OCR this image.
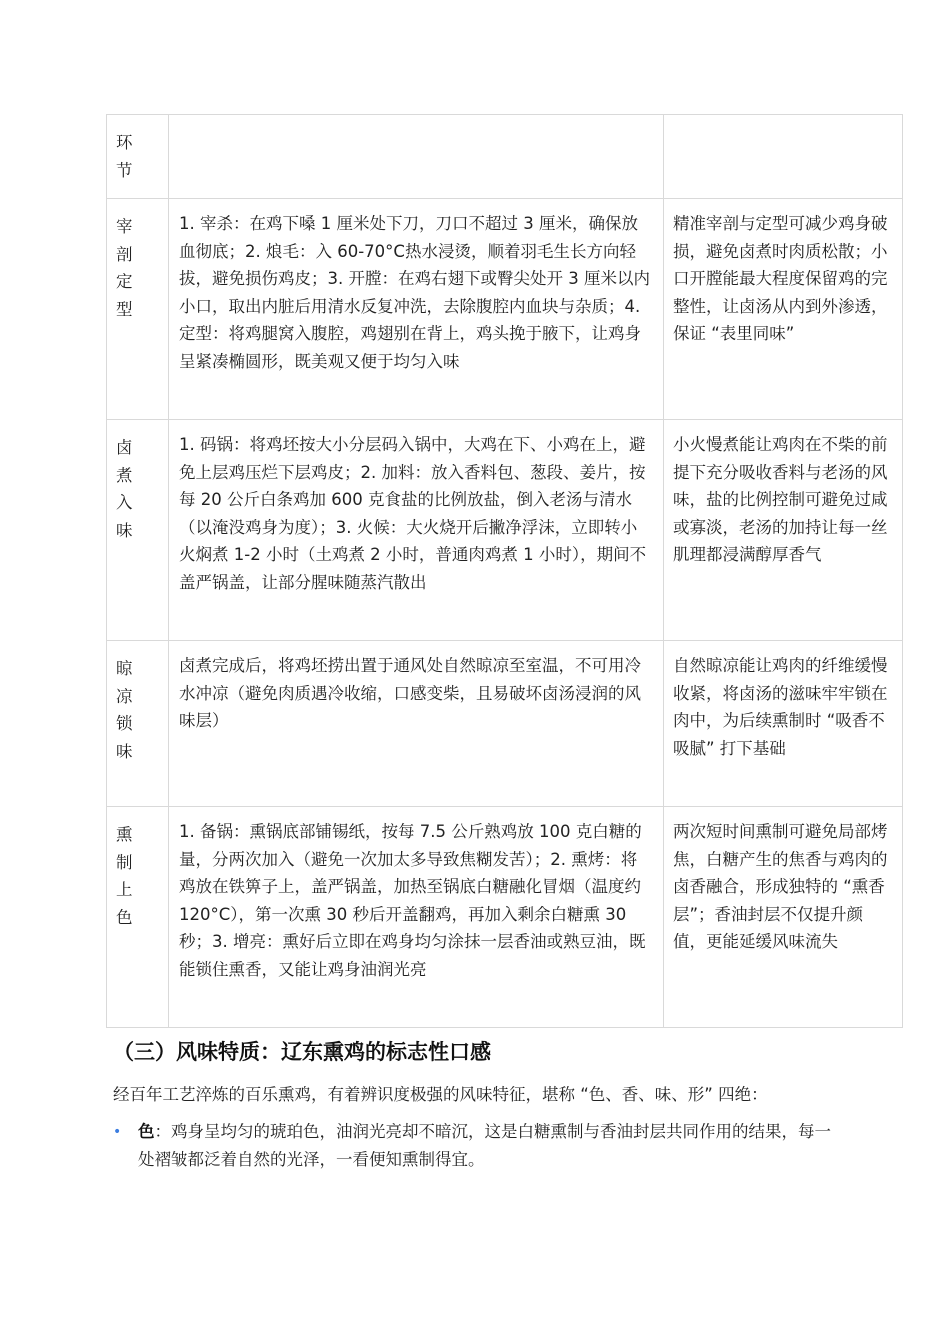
环节		

宰剖定型	1. 宰杀：在鸡下嗓 1 厘米处下刀，刀口不超过 3 厘米，确保放血彻底；2. 烺毛：入 60-70°C热水浸烫，顺着羽毛生长方向轻拔，避免损伤鸡皮；3. 开膛：在鸡右翅下或臀尖处开 3 厘米以内小口，取出内脏后用清水反复冲洗，去除腹腔内血块与杂质；4. 定型：将鸡腿窝入腹腔，鸡翅别在背上，鸡头挽于腋下，让鸡身呈紧凑椭圆形，既美观又便于均匀入味	精准宰剖与定型可减少鸡身破损，避免卤煮时肉质松散；小口开膛能最大程度保留鸡的完整性，让卤汤从内到外渗透，保证 “表里同味”

卤煮入味	1. 码锅：将鸡坯按大小分层码入锅中，大鸡在下、小鸡在上，避免上层鸡压烂下层鸡皮；2. 加料：放入香料包、葱段、姜片，按每 20 公斤白条鸡加 600 克食盐的比例放盐，倒入老汤与清水（以淹没鸡身为度）；3. 火候：大火烧开后撇净浮沫，立即转小火焖煮 1-2 小时（土鸡煮 2 小时，普通肉鸡煮 1 小时），期间不盖严锅盖，让部分腥味随蒸汽散出	小火慢煮能让鸡肉在不柴的前提下充分吸收香料与老汤的风味，盐的比例控制可避免过咸或寡淡，老汤的加持让每一丝肌理都浸满醇厚香气

晾凉锁味	卤煮完成后，将鸡坯捞出置于通风处自然晾凉至室温，不可用冷水冲凉（避免肉质遇冷收缩，口感变柴，且易破坏卤汤浸润的风味层）	自然晾凉能让鸡肉的纤维缓慢收紧，将卤汤的滋味牢牢锁在肉中，为后续熏制时 “吸香不吸腻” 打下基础

熏制上色	1. 备锅：熏锅底部铺锡纸，按每 7.5 公斤熟鸡放 100 克白糖的量，分两次加入（避免一次加太多导致焦糊发苦）；2. 熏烤：将鸡放在铁箅子上，盖严锅盖，加热至锅底白糖融化冒烟（温度约 120°C），第一次熏 30 秒后开盖翻鸡，再加入剩余白糖熏 30 秒；3. 增亮：熏好后立即在鸡身均匀涂抹一层香油或熟豆油，既能锁住熏香，又能让鸡身油润光亮	两次短时间熏制可避免局部烤焦，白糖产生的焦香与鸡肉的卤香融合，形成独特的 “熏香层”；香油封层不仅提升颜值，更能延缓风味流失
（三）风味特质：辽东熏鸡的标志性口感

经百年工艺淬炼的百乐熏鸡，有着辨识度极强的风味特征，堪称 “色、香、味、形” 四绝：

• 色：鸡身呈均匀的琥珀色，油润光亮却不暗沉，这是白糖熏制与香油封层共同作用的结果，每一处褶皱都泛着自然的光泽，一看便知熏制得宜。
